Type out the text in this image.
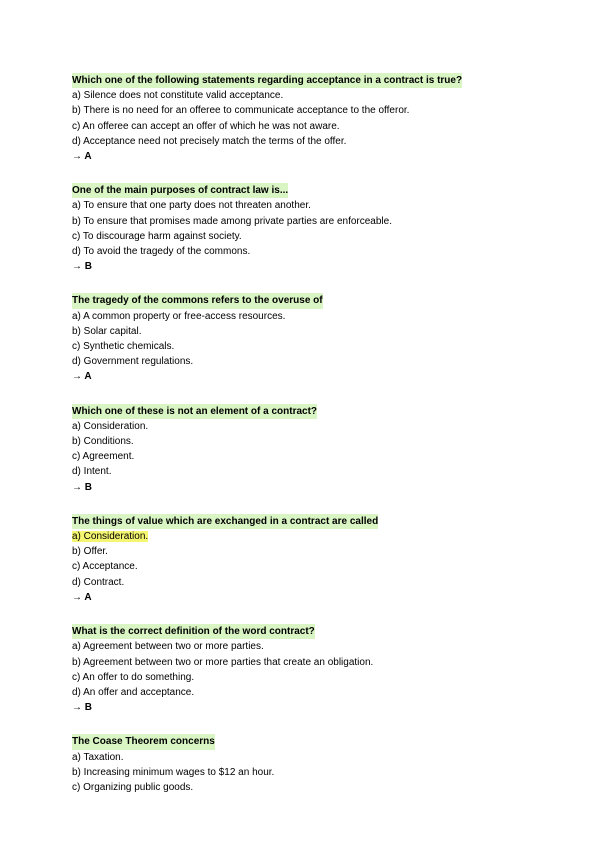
Which one of the following statements regarding acceptance in a contract is true?
a) Silence does not constitute valid acceptance.
b) There is no need for an offeree to communicate acceptance to the offeror.
c) An offeree can accept an offer of which he was not aware.
d) Acceptance need not precisely match the terms of the offer.
→ A
One of the main purposes of contract law is...
a) To ensure that one party does not threaten another.
b) To ensure that promises made among private parties are enforceable.
c) To discourage harm against society.
d) To avoid the tragedy of the commons.
→ B
The tragedy of the commons refers to the overuse of
a) A common property or free-access resources.
b) Solar capital.
c) Synthetic chemicals.
d) Government regulations.
→ A
Which one of these is not an element of a contract?
a) Consideration.
b) Conditions.
c) Agreement.
d) Intent.
→ B
The things of value which are exchanged in a contract are called
a) Consideration.
b) Offer.
c) Acceptance.
d) Contract.
→ A
What is the correct definition of the word contract?
a) Agreement between two or more parties.
b) Agreement between two or more parties that create an obligation.
c) An offer to do something.
d) An offer and acceptance.
→ B
The Coase Theorem concerns
a) Taxation.
b) Increasing minimum wages to $12 an hour.
c) Organizing public goods.
